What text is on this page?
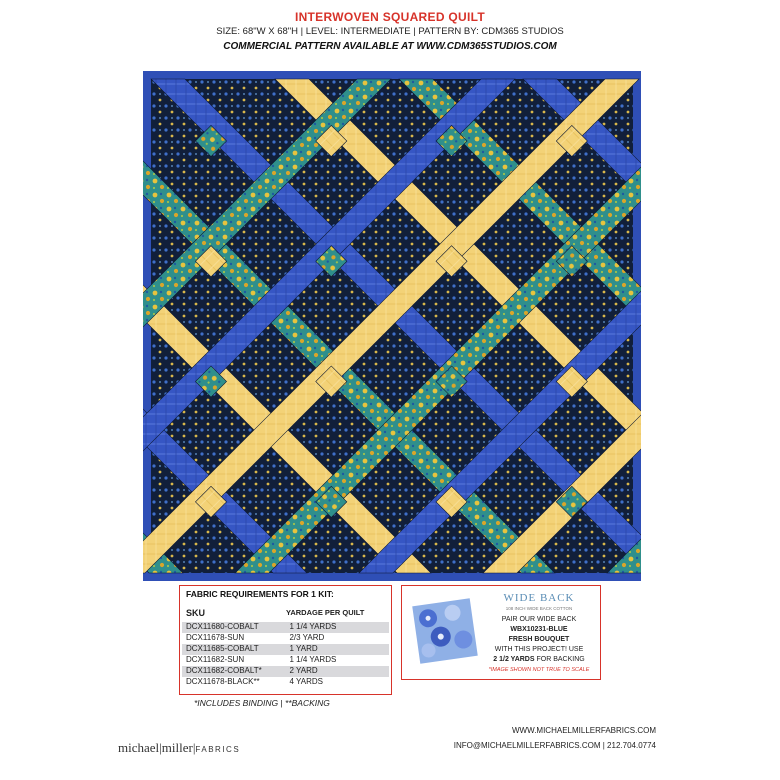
INTERWOVEN SQUARED QUILT
SIZE: 68"W X 68"H | LEVEL: INTERMEDIATE | PATTERN BY: CDM365 STUDIOS
COMMERCIAL PATTERN AVAILABLE AT WWW.CDM365STUDIOS.COM
FABRIC REQUIREMENTS FOR 1 KIT:
SKU	YARDAGE PER QUILT
DCX11680-COBALT	1 1/4 YARDS
DCX11678-SUN	2/3 YARD
DCX11685-COBALT	1 YARD
DCX11682-SUN	1 1/4 YARDS
DCX11682-COBALT*	2 YARD
DCX11678-BLACK**	4 YARDS
*INCLUDES BINDING | **BACKING
WIDE BACK
108 INCH WIDE BACK COTTON
PAIR OUR WIDE BACK
WBX10231-BLUE
FRESH BOUQUET
WITH THIS PROJECT! USE
2 1/2 YARDS FOR BACKING
*IMAGE SHOWN NOT TRUE TO SCALE
michael|miller|FABRICS
WWW.MICHAELMILLERFABRICS.COM
INFO@MICHAELMILLERFABRICS.COM | 212.704.0774
